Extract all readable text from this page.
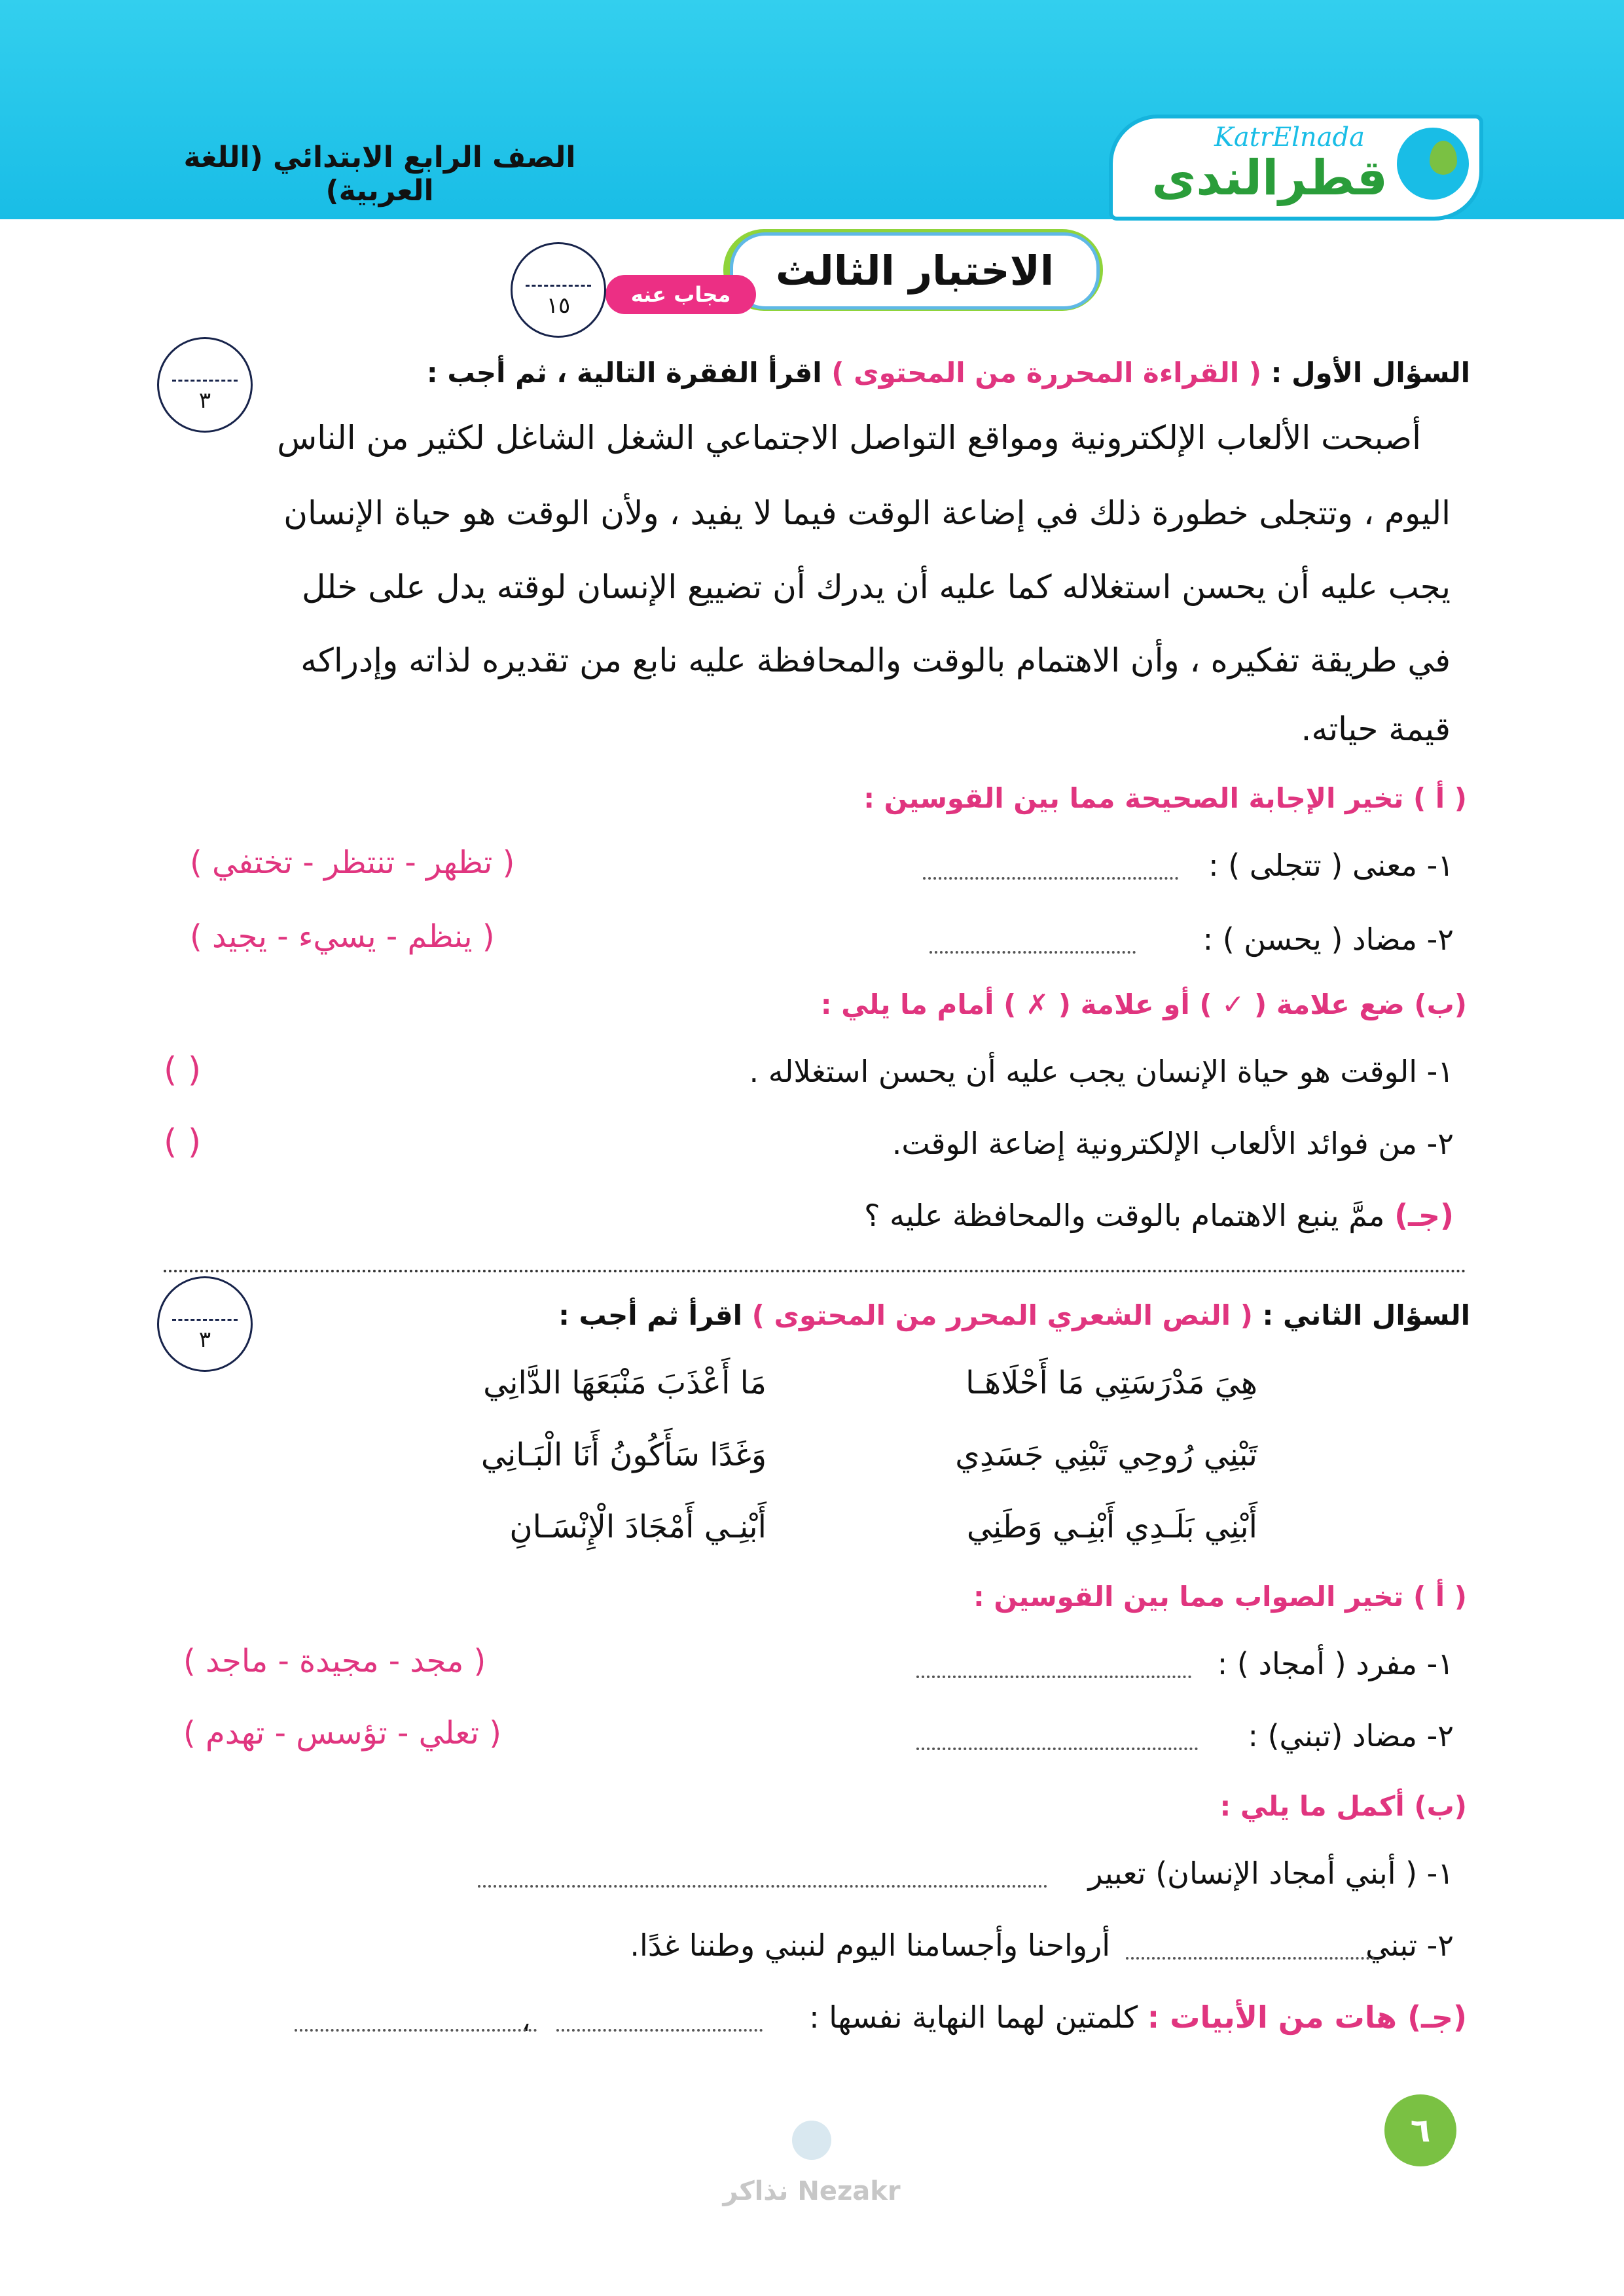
الصف الرابع الابتدائي (اللغة العربية)	قطرالندى
KatrElnada
الاختبار الثالث
مجاب عنه
١٥
٣
السؤال الأول : ( القراءة المحررة من المحتوى ) اقرأ الفقرة التالية ، ثم أجب :
أصبحت الألعاب الإلكترونية ومواقع التواصل الاجتماعي الشغل الشاغل لكثير من الناس
اليوم ، وتتجلى خطورة ذلك في إضاعة الوقت فيما لا يفيد ، ولأن الوقت هو حياة الإنسان
يجب عليه أن يحسن استغلاله كما عليه أن يدرك أن تضييع الإنسان لوقته يدل على خلل
في طريقة تفكيره ، وأن الاهتمام بالوقت والمحافظة عليه نابع من تقديره لذاته وإدراكه
قيمة حياته.
( أ ) تخير الإجابة الصحيحة مما بين القوسين :
١- معنى ( تتجلى ) :
( تظهر - تنتظر - تختفي )
٢- مضاد ( يحسن ) :
( ينظم - يسيء - يجيد )
(ب) ضع علامة ( ✓ ) أو علامة ( ✗ ) أمام ما يلي :
١- الوقت هو حياة الإنسان يجب عليه أن يحسن استغلاله .
( )
٢- من فوائد الألعاب الإلكترونية إضاعة الوقت.
( )
(جـ) ممَّ ينبع الاهتمام بالوقت والمحافظة عليه ؟
٣
السؤال الثاني : ( النص الشعري المحرر من المحتوى ) اقرأ ثم أجب :
هِيَ مَدْرَسَتِي مَا أَحْلَاهَـا
مَا أَعْذَبَ مَنْبَعَهَا الدَّانِي
تَبْنِي رُوحِي تَبْنِي جَسَدِي
وَغَدًا سَأَكُونُ أَنَا الْبَـانِي
أَبْنِي بَلَـدِي أَبْنِـي وَطَنِي
أَبْنِـي أَمْجَادَ الْإِنْسَـانِ
( أ ) تخير الصواب مما بين القوسين :
١- مفرد ( أمجاد ) :
( مجد - مجيدة - ماجد )
٢- مضاد (تبني) :
( تعلي - تؤسس - تهدم )
(ب) أكمل ما يلي :
١- ( أبني أمجاد الإنسان) تعبير
٢- تبني
أرواحنا وأجسامنا اليوم لنبني وطننا غدًا.
(جـ) هات من الأبيات : كلمتين لهما النهاية نفسها :
،
Nezakr نذاكر
٦
